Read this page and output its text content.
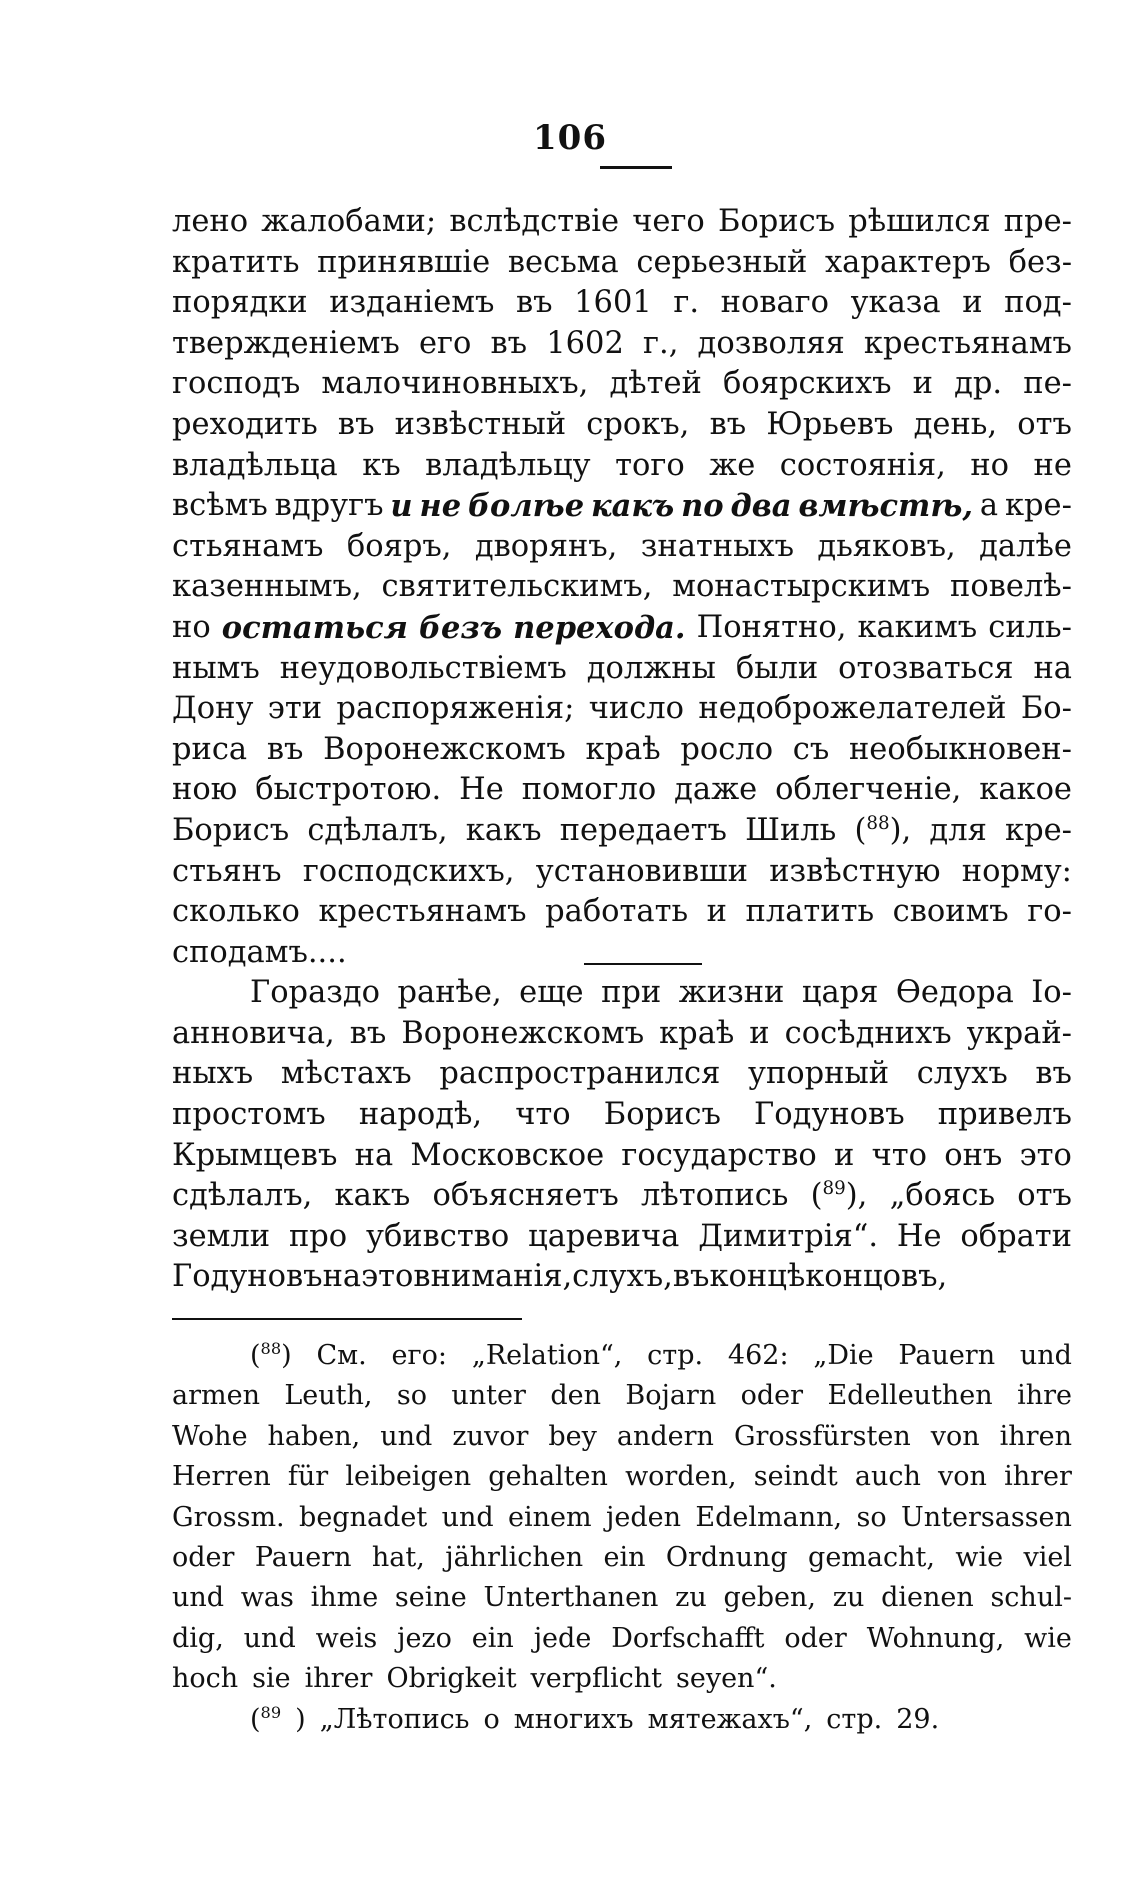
106
лено жалобами; вслѣдствіе чего Борисъ рѣшился пре-
кратить принявшіе весьма серьезный характеръ без-
порядки изданіемъ въ 1601 г. новаго указа и под-
твержденіемъ его въ 1602 г., дозволяя крестьянамъ
господъ малочиновныхъ, дѣтей боярскихъ и др. пе-
реходить въ извѣстный срокъ, въ Юрьевъ день, отъ
владѣльца къ владѣльцу того же состоянія, но не
всѣмъ вдругъ и не болѣе какъ по два вмѣстѣ, а кре-
стьянамъ бояръ, дворянъ, знатныхъ дьяковъ, далѣе
казеннымъ, святительскимъ, монастырскимъ повелѣ-
но остаться безъ перехода. Понятно, какимъ силь-
нымъ неудовольствіемъ должны были отозваться на
Дону эти распоряженія; число недоброжелателей Бо-
риса въ Воронежскомъ краѣ росло съ необыкновен-
ною быстротою. Не помогло даже облегченіе, какое
Борисъ сдѣлалъ, какъ передаетъ Шиль (88), для кре-
стьянъ господскихъ, установивши извѣстную норму:
сколько крестьянамъ работать и платить своимъ го-
сподамъ....
Гораздо ранѣе, еще при жизни царя Ѳедора Іо-
анновича, въ Воронежскомъ краѣ и сосѣднихъ украй-
ныхъ мѣстахъ распространился упорный слухъ въ
простомъ народѣ, что Борисъ Годуновъ привелъ
Крымцевъ на Московское государство и что онъ это
сдѣлалъ, какъ объясняетъ лѣтопись (89), „боясь отъ
земли про убивство царевича Димитрія“. Не обрати
Годуновъ на это вниманія, слухъ, въ концѣ концовъ,
($^{88}$) См. его: „Relation“, стр. 462: „Die Pauern und
armen Leuth, so unter den Bojarn oder Edelleuthen ihre
Wohe haben, und zuvor bey andern Grossfürsten von ihren
Herren für leibeigen gehalten worden, seindt auch von ihrer
Grossm. begnadet und einem jeden Edelmann, so Untersassen
oder Pauern hat, jährlichen ein Ordnung gemacht, wie viel
und was ihme seine Unterthanen zu geben, zu dienen schul-
dig, und weis jezo ein jede Dorfschafft oder Wohnung, wie
hoch sie ihrer Obrigkeit verpflicht seyen“.
($^{89}$ ) „Лѣтопись о многихъ мятежахъ“, стр. 29.
